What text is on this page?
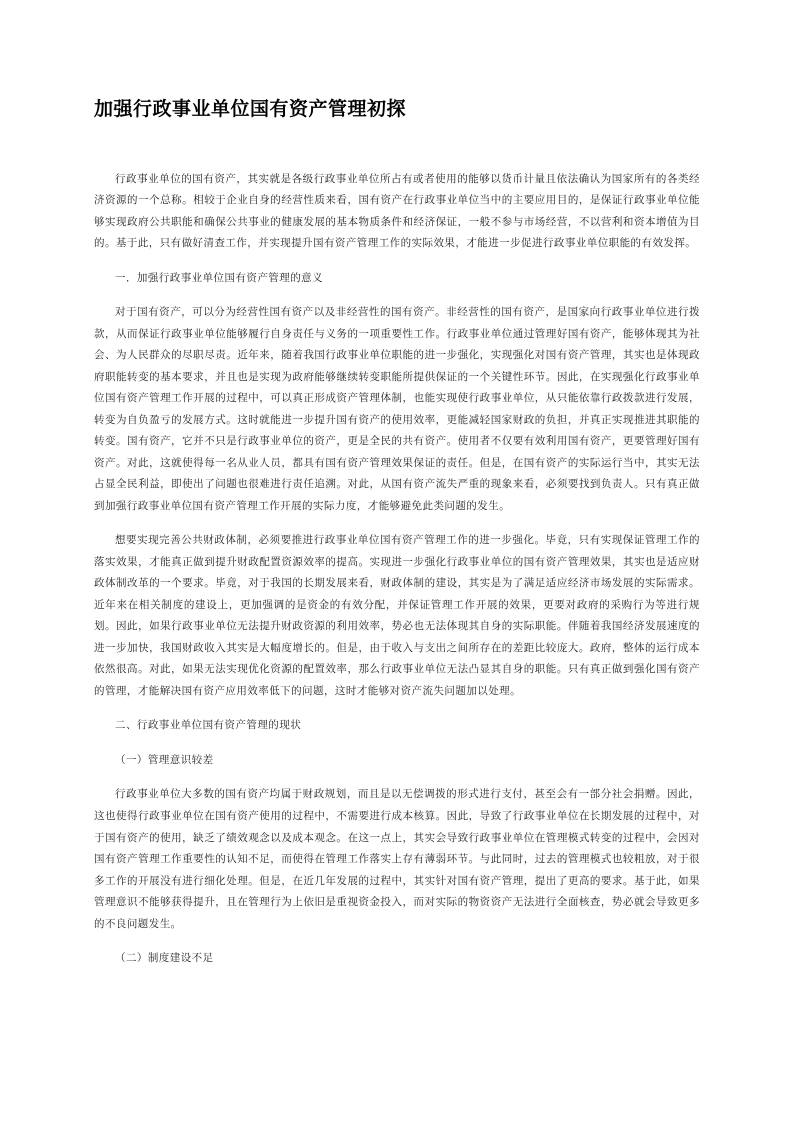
加强行政事业单位国有资产管理初探

行政事业单位的国有资产，其实就是各级行政事业单位所占有或者使用的能够以货币计量且依法确认为国家所有的各类经济资源的一个总称。相较于企业自身的经营性质来看，国有资产在行政事业单位当中的主要应用目的，是保证行政事业单位能够实现政府公共职能和确保公共事业的健康发展的基本物质条件和经济保证，一般不参与市场经营，不以营利和资本增值为目的。基于此，只有做好清查工作，并实现提升国有资产管理工作的实际效果，才能进一步促进行政事业单位职能的有效发挥。

一．加强行政事业单位国有资产管理的意义

对于国有资产，可以分为经营性国有资产以及非经营性的国有资产。非经营性的国有资产，是国家向行政事业单位进行拨款，从而保证行政事业单位能够履行自身责任与义务的一项重要性工作。行政事业单位通过管理好国有资产，能够体现其为社会、为人民群众的尽职尽责。近年来，随着我国行政事业单位职能的进一步强化，实现强化对国有资产管理，其实也是体现政府职能转变的基本要求，并且也是实现为政府能够继续转变职能所提供保证的一个关键性环节。因此，在实现强化行政事业单位国有资产管理工作开展的过程中，可以真正形成资产管理体制，也能实现使行政事业单位，从只能依靠行政拨款进行发展，转变为自负盈亏的发展方式。这时就能进一步提升国有资产的使用效率，更能减轻国家财政的负担，并真正实现推进其职能的转变。国有资产，它并不只是行政事业单位的资产，更是全民的共有资产。使用者不仅要有效利用国有资产，更要管理好国有资产。对此，这就使得每一名从业人员，都具有国有资产管理效果保证的责任。但是，在国有资产的实际运行当中，其实无法占显全民利益，即使出了问题也很难进行责任追溯。对此，从国有资产流失严重的现象来看，必须要找到负责人。只有真正做到加强行政事业单位国有资产管理工作开展的实际力度，才能够避免此类问题的发生。

想要实现完善公共财政体制，必须要推进行政事业单位国有资产管理工作的进一步强化。毕竟，只有实现保证管理工作的落实效果，才能真正做到提升财政配置资源效率的提高。实现进一步强化行政事业单位的国有资产管理效果，其实也是适应财政体制改革的一个要求。毕竟，对于我国的长期发展来看，财政体制的建设，其实是为了满足适应经济市场发展的实际需求。近年来在相关制度的建设上，更加强调的是资金的有效分配，并保证管理工作开展的效果，更要对政府的采购行为等进行规划。因此，如果行政事业单位无法提升财政资源的利用效率，势必也无法体现其自身的实际职能。伴随着我国经济发展速度的进一步加快，我国财政收入其实是大幅度增长的。但是，由于收入与支出之间所存在的差距比较庞大。政府，整体的运行成本依然很高。对此，如果无法实现优化资源的配置效率，那么行政事业单位无法凸显其自身的职能。只有真正做到强化国有资产的管理，才能解决国有资产应用效率低下的问题，这时才能够对资产流失问题加以处理。

二、行政事业单位国有资产管理的现状

（一）管理意识较差

行政事业单位大多数的国有资产均属于财政规划，而且是以无偿调拨的形式进行支付，甚至会有一部分社会捐赠。因此，这也使得行政事业单位在国有资产使用的过程中，不需要进行成本核算。因此，导致了行政事业单位在长期发展的过程中，对于国有资产的使用，缺乏了绩效观念以及成本观念。在这一点上，其实会导致行政事业单位在管理模式转变的过程中，会因对国有资产管理工作重要性的认知不足，而使得在管理工作落实上存有薄弱环节。与此同时，过去的管理模式也较粗放，对于很多工作的开展没有进行细化处理。但是，在近几年发展的过程中，其实针对国有资产管理，提出了更高的要求。基于此，如果管理意识不能够获得提升，且在管理行为上依旧是重视资金投入，而对实际的物资资产无法进行全面核查，势必就会导致更多的不良问题发生。

（二）制度建设不足
